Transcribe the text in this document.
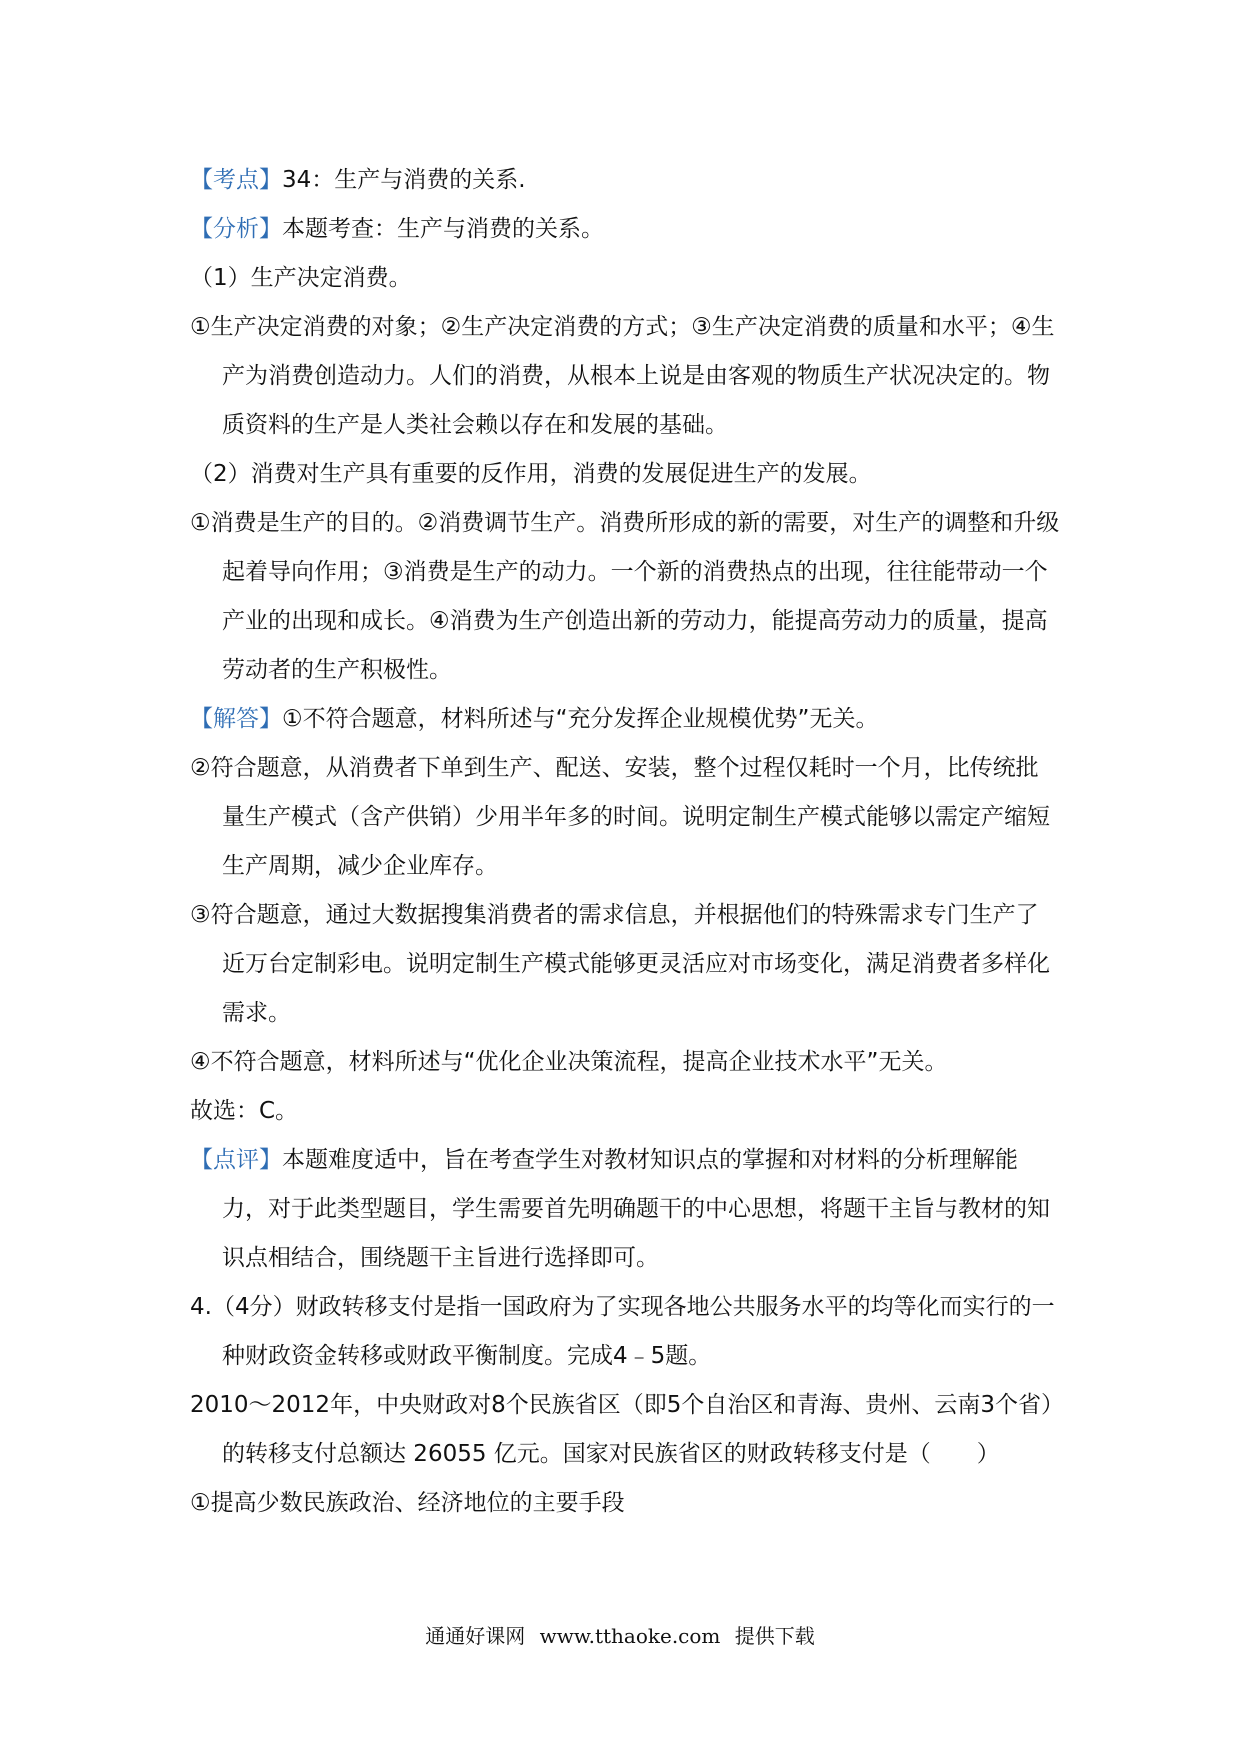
【考点】34：生产与消费的关系.

【分析】本题考查：生产与消费的关系。

（1）生产决定消费。

①生产决定消费的对象；②生产决定消费的方式；③生产决定消费的质量和水平；④生产为消费创造动力。人们的消费，从根本上说是由客观的物质生产状况决定的。物质资料的生产是人类社会赖以存在和发展的基础。

（2）消费对生产具有重要的反作用，消费的发展促进生产的发展。

①消费是生产的目的。②消费调节生产。消费所形成的新的需要，对生产的调整和升级起着导向作用；③消费是生产的动力。一个新的消费热点的出现，往往能带动一个产业的出现和成长。④消费为生产创造出新的劳动力，能提高劳动力的质量，提高劳动者的生产积极性。

【解答】①不符合题意，材料所述与“充分发挥企业规模优势”无关。

②符合题意，从消费者下单到生产、配送、安装，整个过程仅耗时一个月，比传统批量生产模式（含产供销）少用半年多的时间。说明定制生产模式能够以需定产缩短生产周期，减少企业库存。

③符合题意，通过大数据搜集消费者的需求信息，并根据他们的特殊需求专门生产了近万台定制彩电。说明定制生产模式能够更灵活应对市场变化，满足消费者多样化需求。

④不符合题意，材料所述与“优化企业决策流程，提高企业技术水平”无关。

故选：C。

【点评】本题难度适中，旨在考查学生对教材知识点的掌握和对材料的分析理解能力，对于此类型题目，学生需要首先明确题干的中心思想，将题干主旨与教材的知识点相结合，围绕题干主旨进行选择即可。

4.（4分）财政转移支付是指一国政府为了实现各地公共服务水平的均等化而实行的一种财政资金转移或财政平衡制度。完成4﹣5题。

2010～2012年，中央财政对8个民族省区（即5个自治区和青海、贵州、云南3个省）的转移支付总额达 26055 亿元。国家对民族省区的财政转移支付是（　　）

①提高少数民族政治、经济地位的主要手段

通通好课网 www.tthaoke.com 提供下载
